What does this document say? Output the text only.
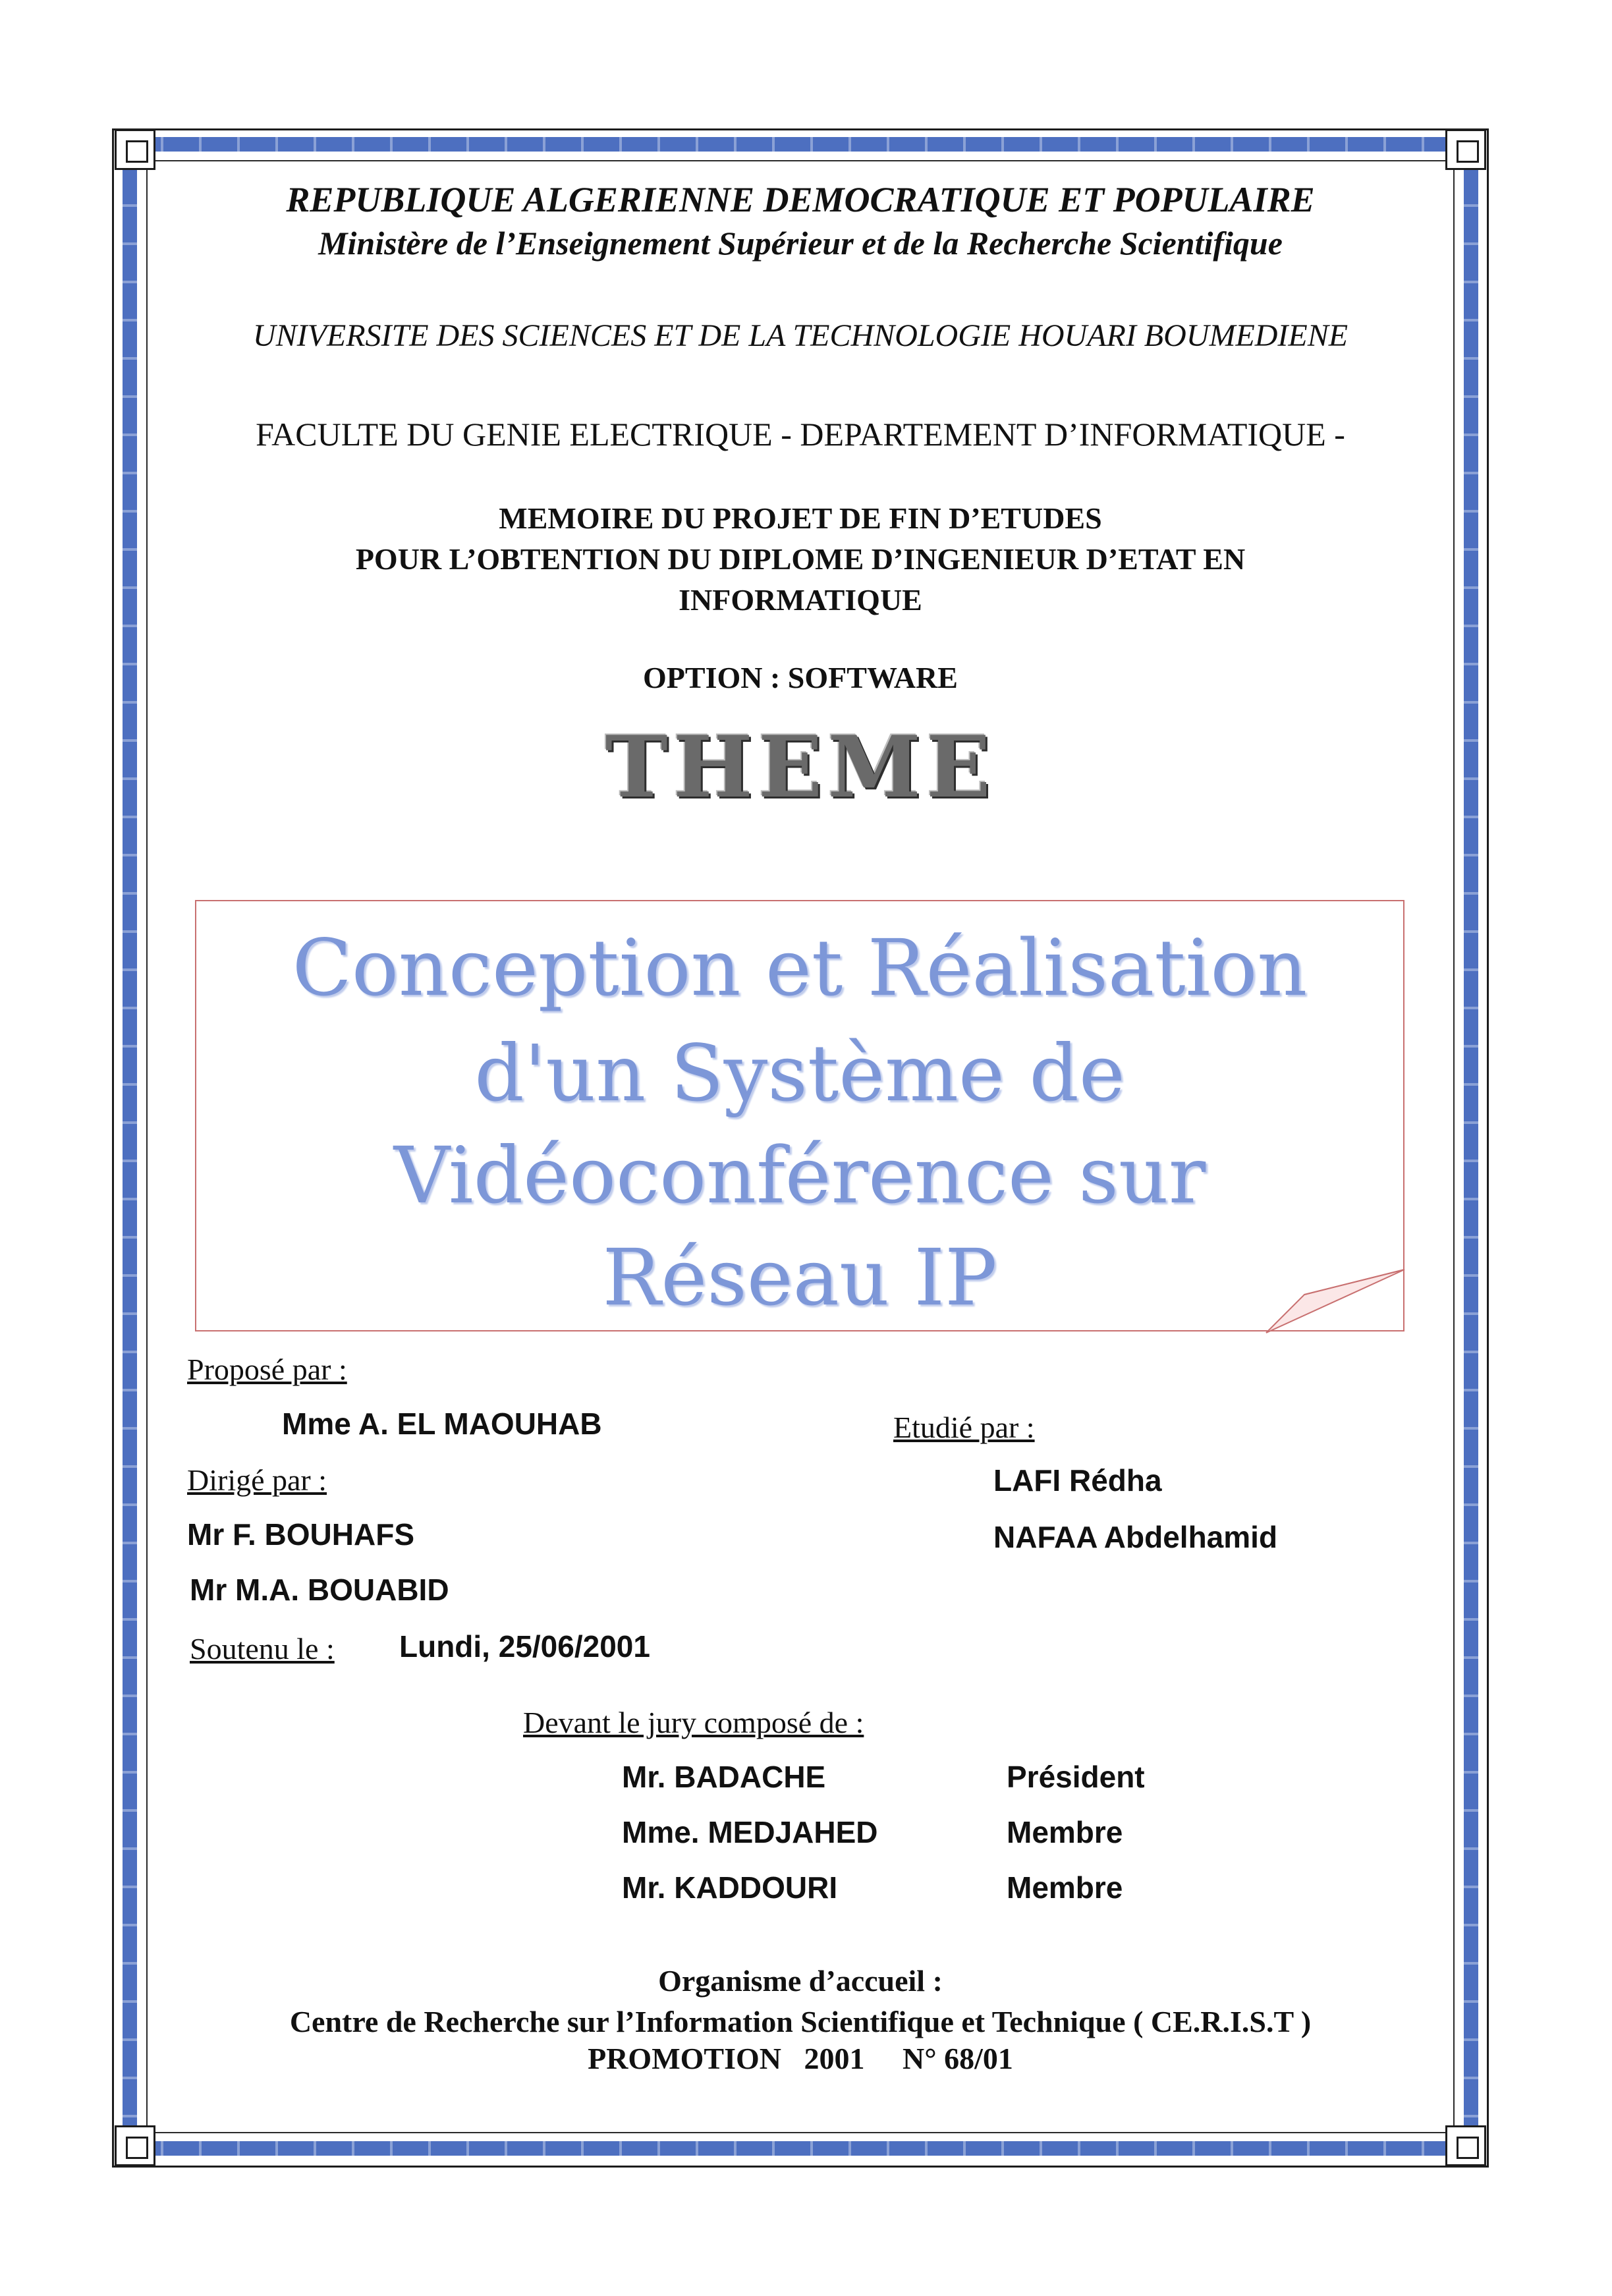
REPUBLIQUE ALGERIENNE DEMOCRATIQUE ET POPULAIRE
Ministère de l’Enseignement Supérieur et de la Recherche Scientifique
UNIVERSITE DES SCIENCES ET DE LA TECHNOLOGIE HOUARI BOUMEDIENE
FACULTE DU GENIE ELECTRIQUE - DEPARTEMENT D’INFORMATIQUE -
MEMOIRE DU PROJET DE FIN D’ETUDES
POUR L’OBTENTION DU DIPLOME D’INGENIEUR D’ETAT EN
INFORMATIQUE
OPTION : SOFTWARE
THEME
Conception et Réalisation
d'un Système de
Vidéoconférence sur
Réseau IP
Proposé par :
Mme A. EL MAOUHAB	Etudié par :
LAFI Rédha
NAFAA Abdelhamid
Dirigé par :
Mr F. BOUHAFS
Mr M.A. BOUABID
Soutenu le : Lundi, 25/06/2001
Devant le jury composé de :
Mr. BADACHE	Président
Mme. MEDJAHED	Membre
Mr. KADDOURI	Membre
Organisme d’accueil :
Centre de Recherche sur l’Information Scientifique et Technique ( CE.R.I.S.T )
PROMOTION   2001     N° 68/01
